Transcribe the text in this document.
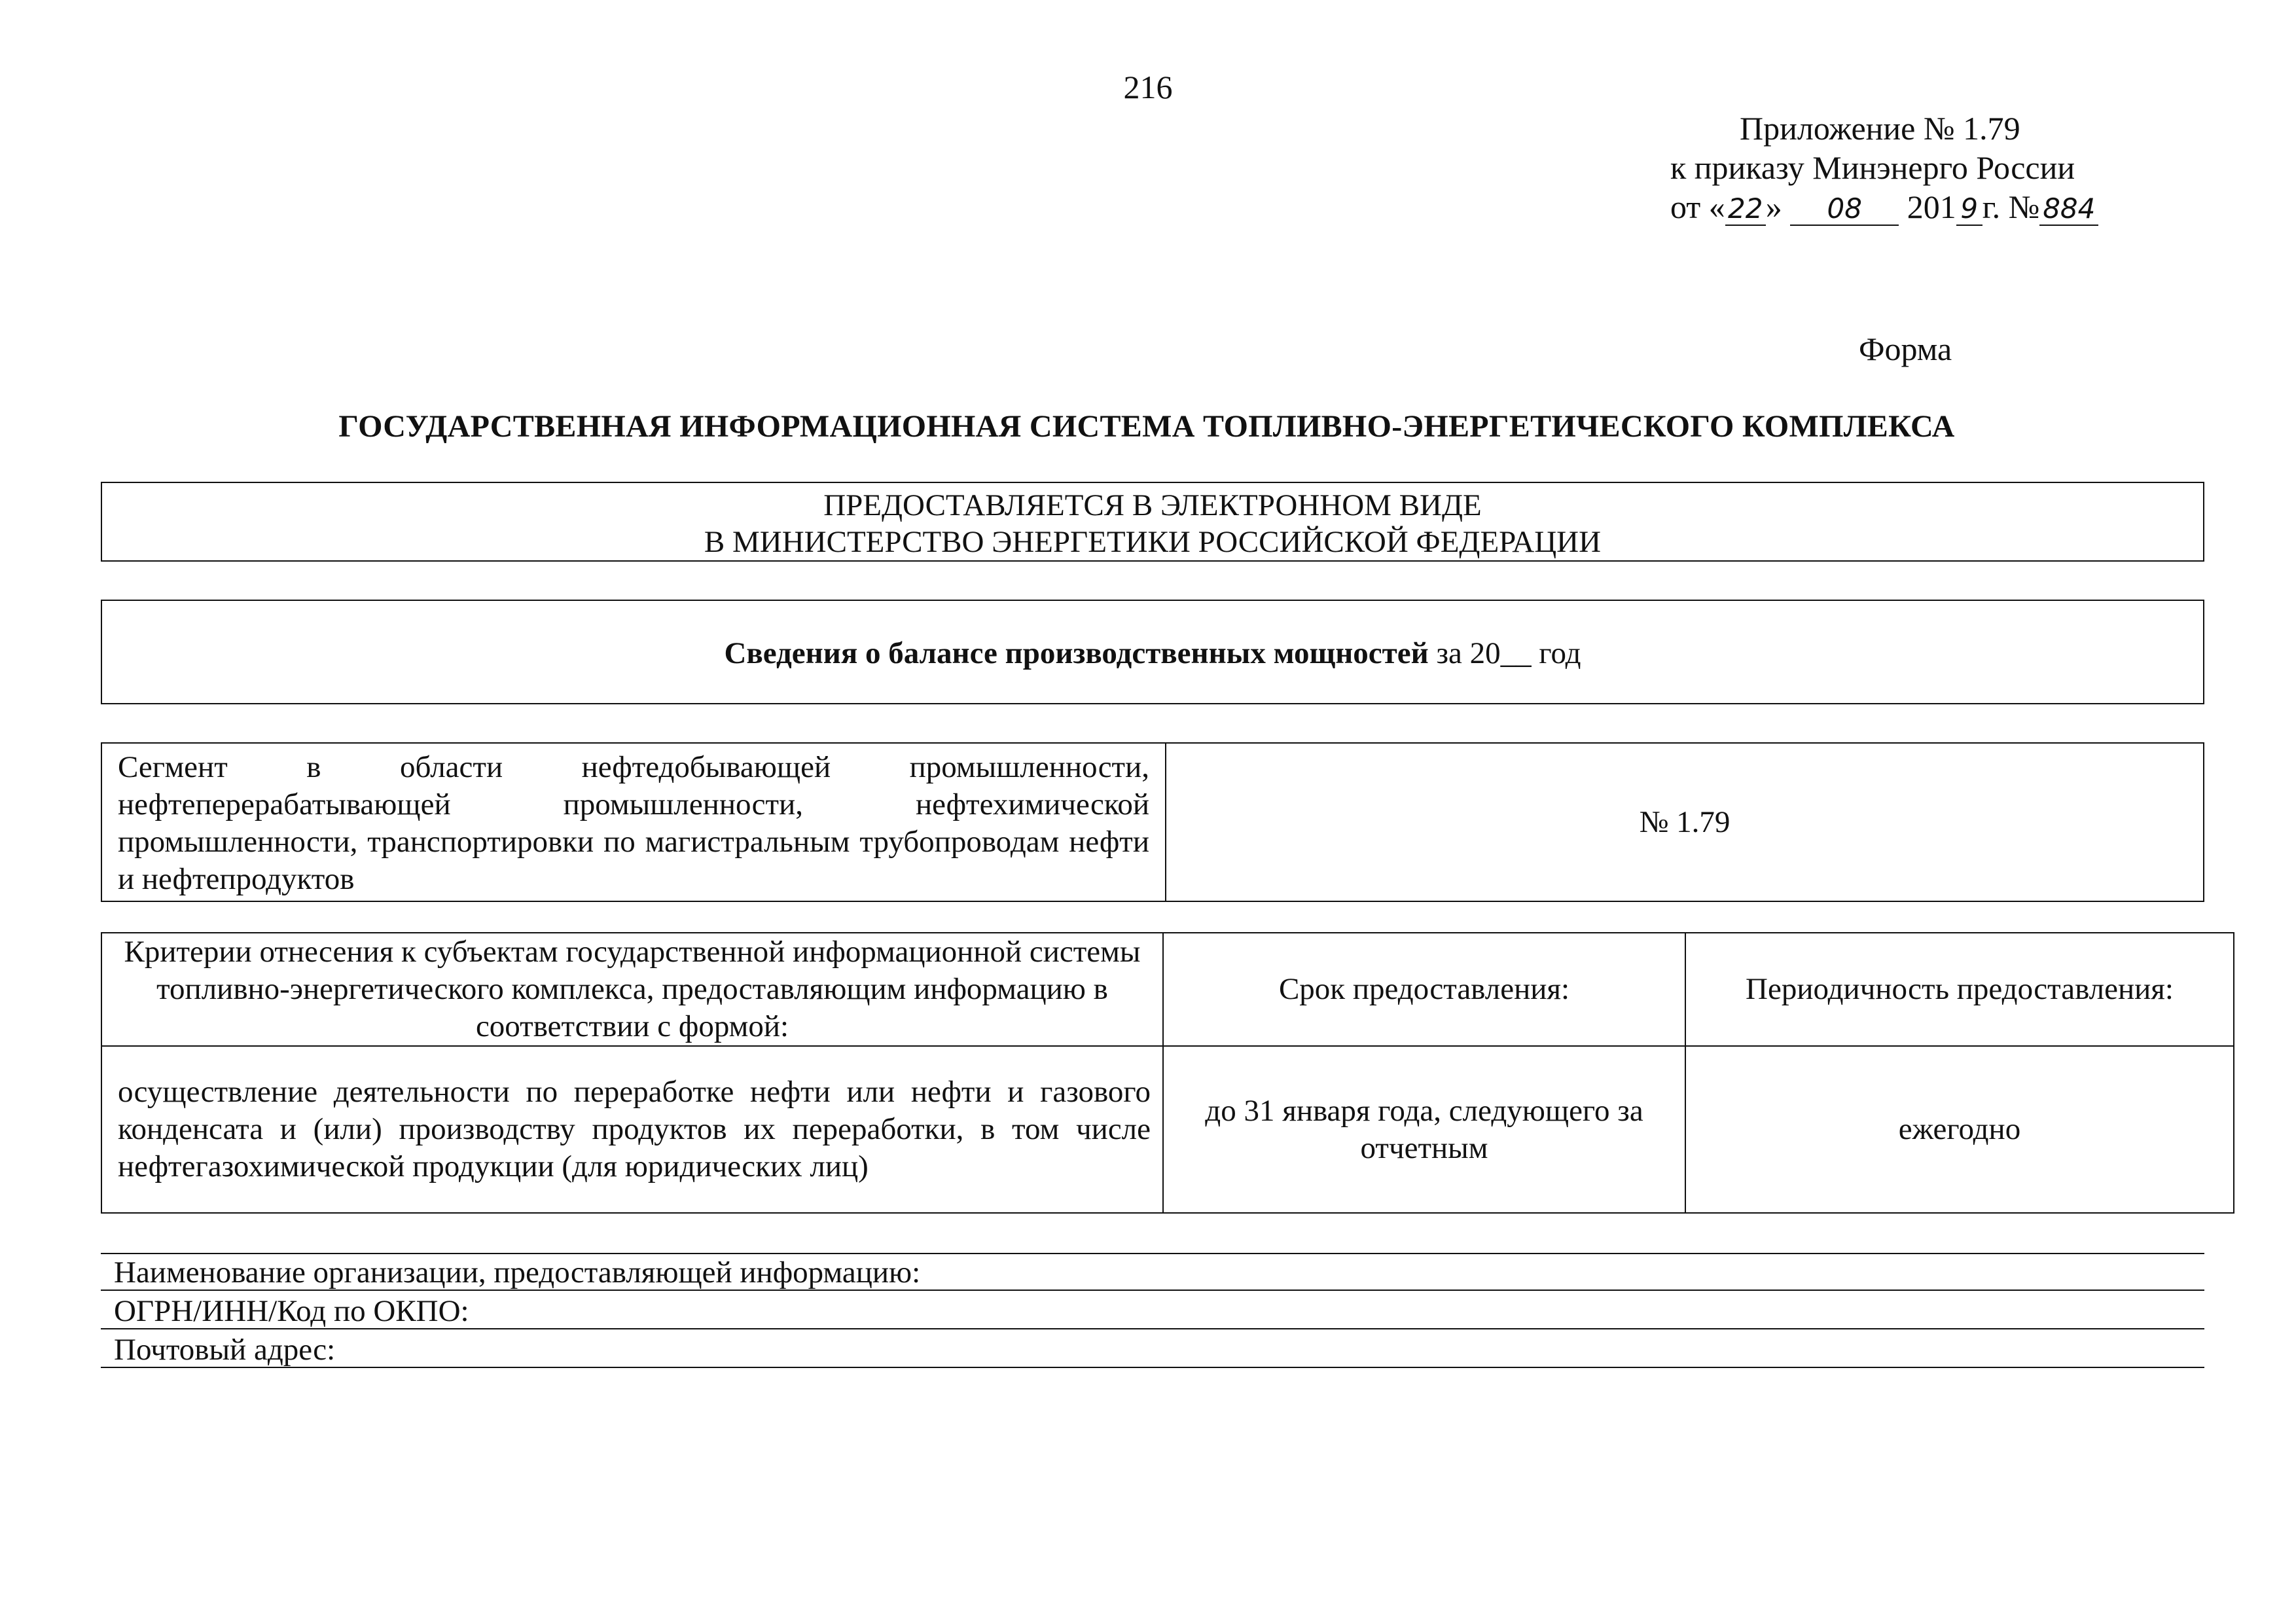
216
Приложение № 1.79
к приказу Минэнерго России
от « 22» 08 201 9 г. № 884
Форма
ГОСУДАРСТВЕННАЯ ИНФОРМАЦИОННАЯ СИСТЕМА ТОПЛИВНО-ЭНЕРГЕТИЧЕСКОГО КОМПЛЕКСА
ПРЕДОСТАВЛЯЕТСЯ В ЭЛЕКТРОННОМ ВИДЕ
В МИНИСТЕРСТВО ЭНЕРГЕТИКИ РОССИЙСКОЙ ФЕДЕРАЦИИ
Сведения о балансе производственных мощностей за 20__ год
Сегмент в области нефтедобывающей промышленности, нефтеперерабатывающей промышленности, нефтехимической промышленности, транспортировки по магистральным трубопроводам нефти и нефтепродуктов	№ 1.79
Критерии отнесения к субъектам государственной информационной системы топливно-энергетического комплекса, предоставляющим информацию в соответствии с формой:	Срок предоставления:	Периодичность предоставления:
осуществление деятельности по переработке нефти или нефти и газового конденсата и (или) производству продуктов их переработки, в том числе нефтегазохимической продукции (для юридических лиц)	до 31 января года, следующего за отчетным	ежегодно
Наименование организации, предоставляющей информацию:
ОГРН/ИНН/Код по ОКПО:
Почтовый адрес:
